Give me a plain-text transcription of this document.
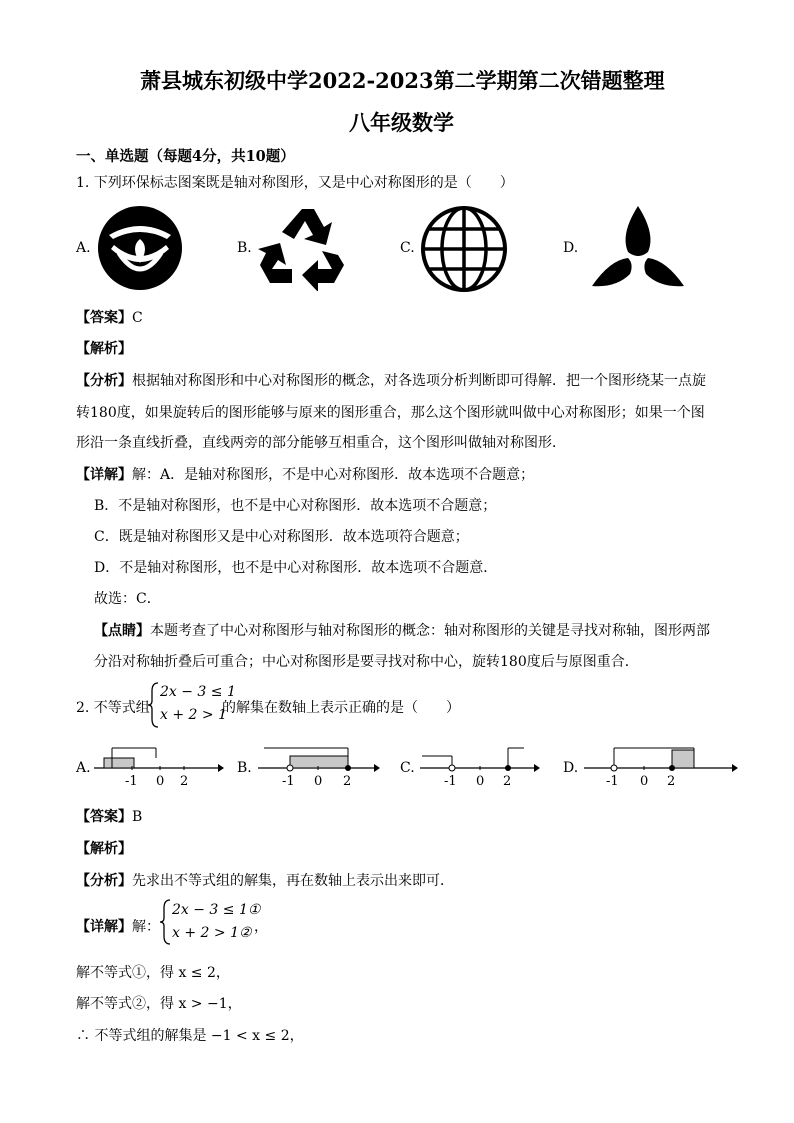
萧县城东初级中学2022-2023第二学期第二次错题整理
八年级数学
一、单选题（每题4分，共10题）
1. 下列环保标志图案既是轴对称图形，又是中心对称图形的是（　　）
A.	B.	C.	D.
【答案】C
【解析】
【分析】根据轴对称图形和中心对称图形的概念，对各选项分析判断即可得解．把一个图形绕某一点旋
转180度，如果旋转后的图形能够与原来的图形重合，那么这个图形就叫做中心对称图形；如果一个图
形沿一条直线折叠，直线两旁的部分能够互相重合，这个图形叫做轴对称图形．
【详解】解：A．是轴对称图形，不是中心对称图形．故本选项不合题意；
B．不是轴对称图形，也不是中心对称图形．故本选项不合题意；
C．既是轴对称图形又是中心对称图形．故本选项符合题意；
D．不是轴对称图形，也不是中心对称图形．故本选项不合题意．
故选：C．
【点睛】本题考查了中心对称图形与轴对称图形的概念：轴对称图形的关键是寻找对称轴，图形两部
分沿对称轴折叠后可重合；中心对称图形是要寻找对称中心，旋转180度后与原图重合．
2. 不等式组
2x − 3 ≤ 1
x + 2 > 1
的解集在数轴上表示正确的是（　　）
A.
-1 0 2
B.
-1 0 2
C.
-1 0 2
D.
-1 0 2
【答案】B
【解析】
【分析】先求出不等式组的解集，再在数轴上表示出来即可．
【详解】解：
2x − 3 ≤ 1①
x + 2 > 1② ，
解不等式①，得 x ≤ 2，
解不等式②，得 x > −1，
∴ 不等式组的解集是 −1 < x ≤ 2，
